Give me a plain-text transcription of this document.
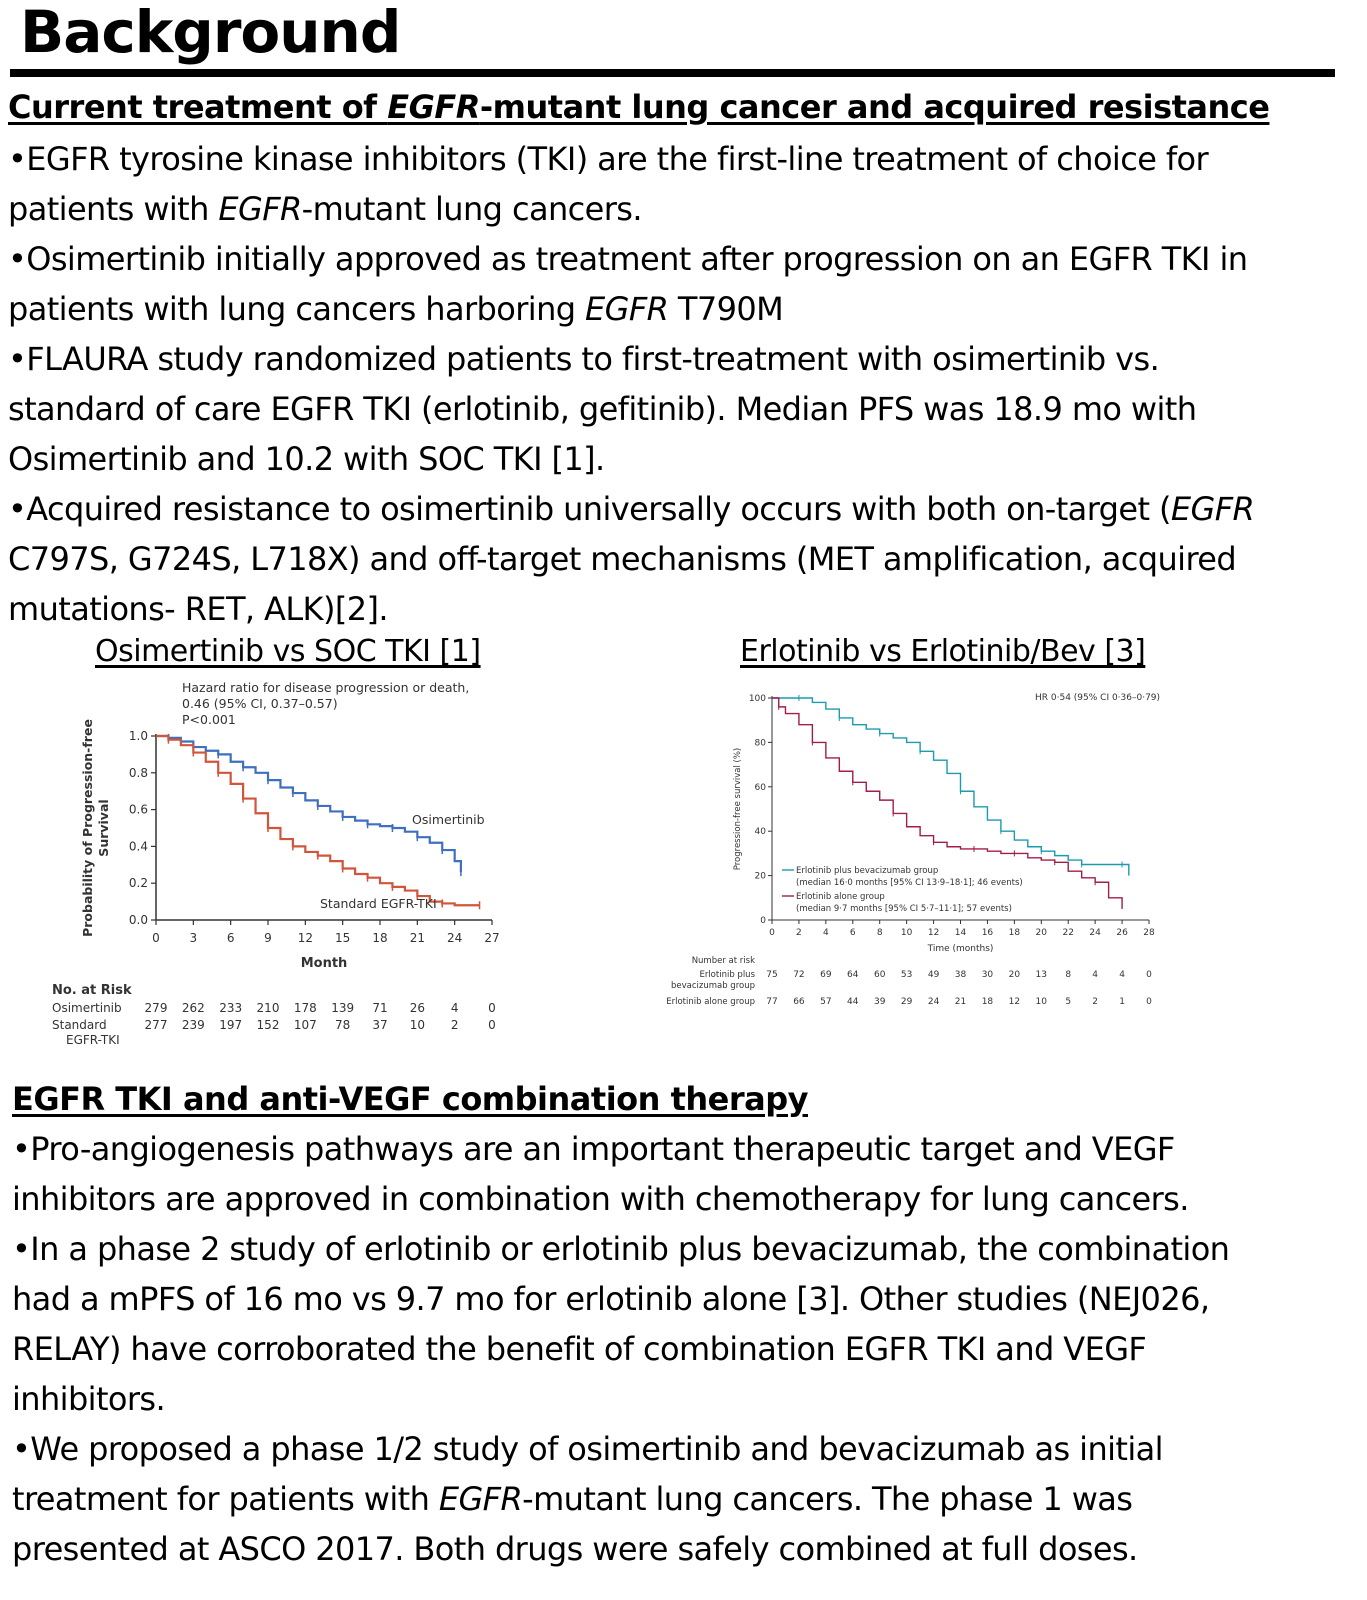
Background
Current treatment of EGFR-mutant lung cancer and acquired resistance
•EGFR tyrosine kinase inhibitors (TKI) are the first-line treatment of choice for
patients with EGFR-mutant lung cancers.
•Osimertinib initially approved as treatment after progression on an EGFR TKI in
patients with lung cancers harboring EGFR T790M
•FLAURA study randomized patients to first-treatment with osimertinib vs.
standard of care EGFR TKI (erlotinib, gefitinib). Median PFS was 18.9 mo with
Osimertinib and 10.2 with SOC TKI [1].
•Acquired resistance to osimertinib universally occurs with both on-target (EGFR
C797S, G724S, L718X) and off-target mechanisms (MET amplification, acquired
mutations- RET, ALK)[2].
Osimertinib vs SOC TKI [1]	Erlotinib vs Erlotinib/Bev [3]
Hazard ratio for disease progression or death,
0.46 (95% CI, 0.37–0.57)
P<0.001
0.0
0.2
0.4
0.6
0.8
1.0
0 3 6 9 12 15 18 21 24 27
Month
Probability of Progression-free Survival	Osimertinib
Standard EGFR-TKI
No. at Risk
Osimertinib 279 262 233 210 178 139 71 26 4 0
Standard
EGFR-TKI
277 239 197 152 107 78 37 10 2 0
HR 0·54 (95% CI 0·36–0·79)
0
20
40
60
80
100
0 2 4 6 8 10 12 14 16 18 20 22 24 26 28
Time (months)
Progression-free survival (%)
Erlotinib plus bevacizumab group
(median 16·0 months [95% CI 13·9–18·1]; 46 events)
Erlotinib alone group
(median 9·7 months [95% CI 5·7–11·1]; 57 events)
Number at risk
Erlotinib plus
bevacizumab group
75 72 69 64 60 53 49 38 30 20 13 8 4 4 0
Erlotinib alone group 77 66 57 44 39 29 24 21 18 12 10 5 2 1 0
EGFR TKI and anti-VEGF combination therapy
•Pro-angiogenesis pathways are an important therapeutic target and VEGF
inhibitors are approved in combination with chemotherapy for lung cancers.
•In a phase 2 study of erlotinib or erlotinib plus bevacizumab, the combination
had a mPFS of 16 mo vs 9.7 mo for erlotinib alone [3]. Other studies (NEJ026,
RELAY) have corroborated the benefit of combination EGFR TKI and VEGF
inhibitors.
•We proposed a phase 1/2 study of osimertinib and bevacizumab as initial
treatment for patients with EGFR-mutant lung cancers. The phase 1 was
presented at ASCO 2017. Both drugs were safely combined at full doses.
